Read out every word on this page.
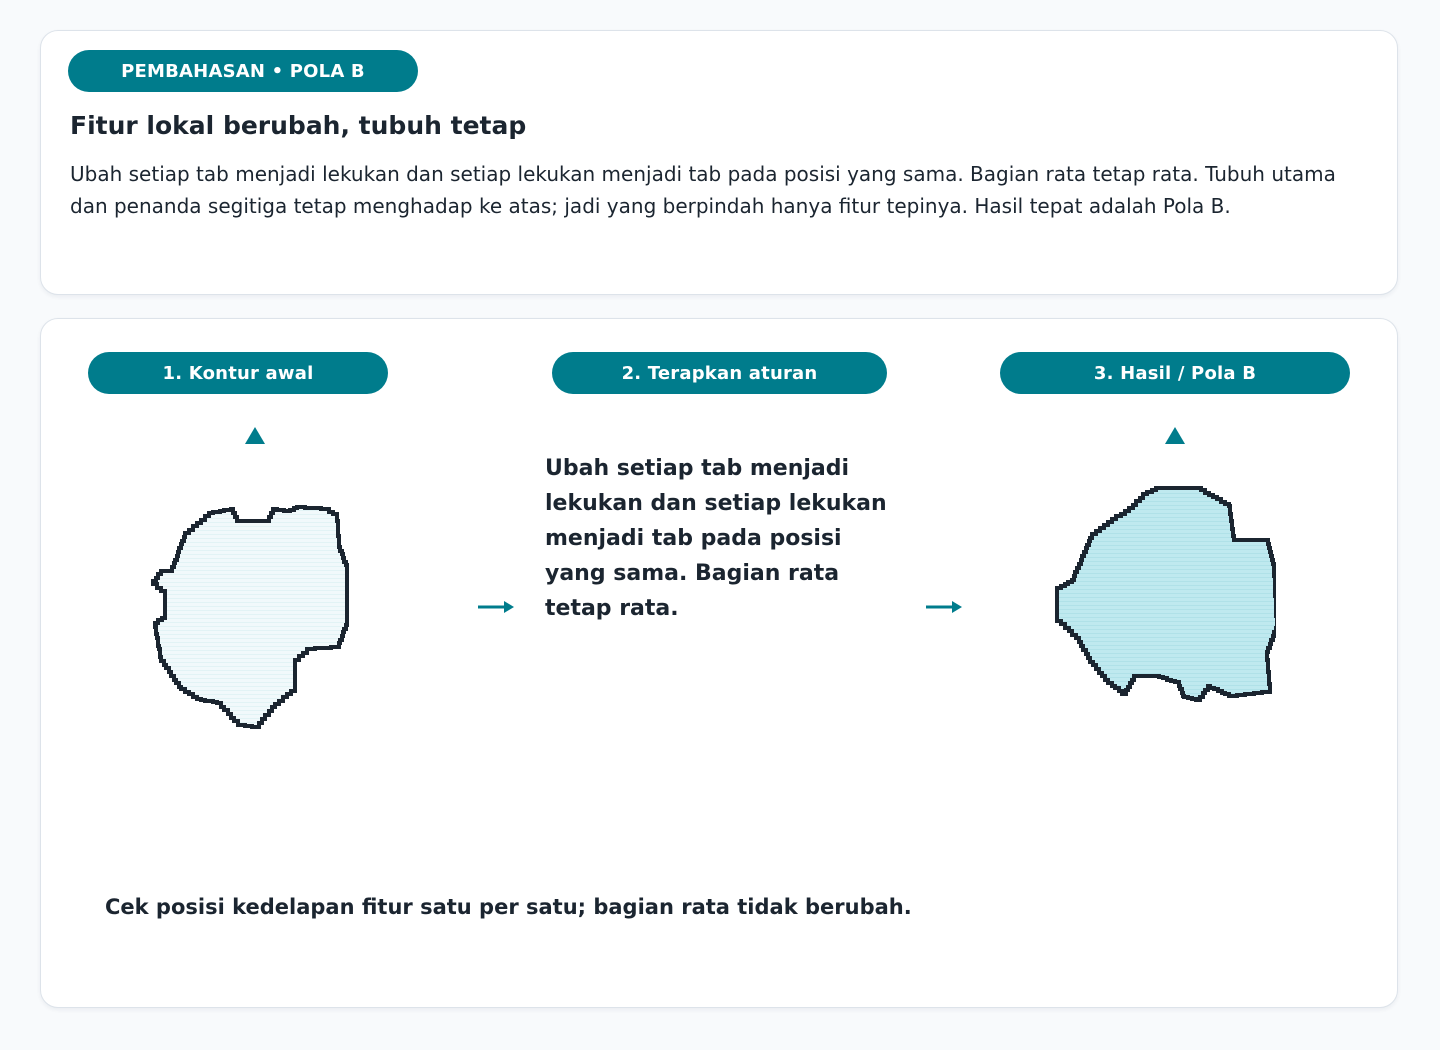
PEMBAHASAN • POLA B
Fitur lokal berubah, tubuh tetap

Ubah setiap tab menjadi lekukan dan setiap lekukan menjadi tab pada posisi yang sama. Bagian rata tetap rata. Tubuh utama dan penanda segitiga tetap menghadap ke atas; jadi yang berpindah hanya fitur tepinya. Hasil tepat adalah Pola B.

1. Kontur awal	2. Terapkan aturan	3. Hasil / Pola B

Ubah setiap tab menjadi lekukan dan setiap lekukan menjadi tab pada posisi yang sama. Bagian rata tetap rata.

Cek posisi kedelapan fitur satu per satu; bagian rata tidak berubah.
